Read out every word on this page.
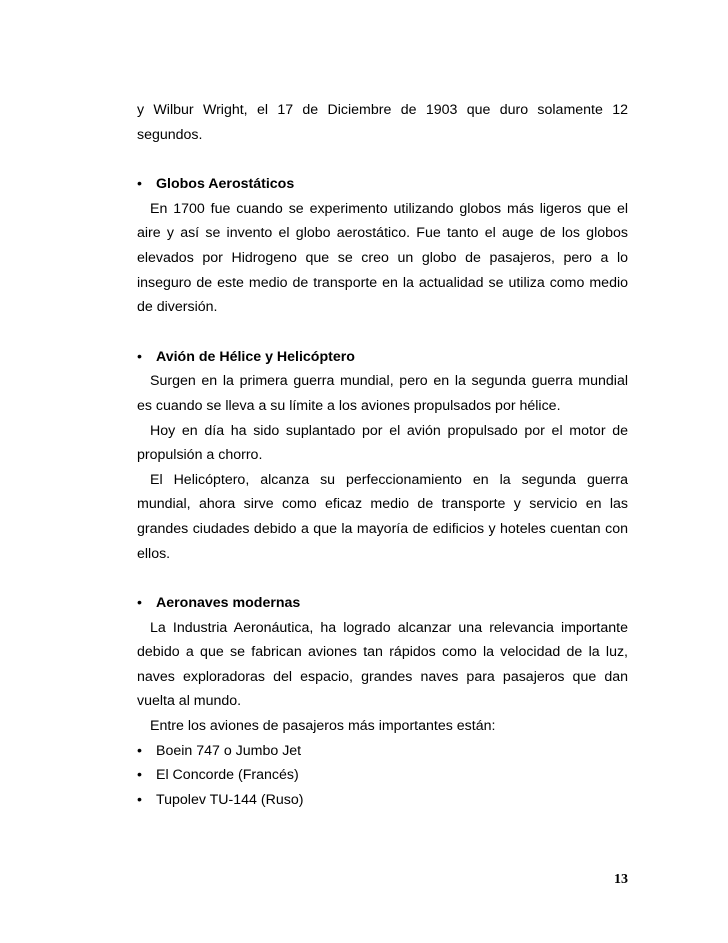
y Wilbur Wright, el 17 de Diciembre de 1903 que duro solamente 12
segundos.
• Globos Aerostáticos
En 1700 fue cuando se experimento utilizando globos más ligeros que el
aire y así se invento el globo aerostático. Fue tanto el auge de los globos
elevados por Hidrogeno que se creo un globo de pasajeros, pero a lo
inseguro de este medio de transporte en la actualidad se utiliza como medio
de diversión.
• Avión de Hélice y Helicóptero
Surgen en la primera guerra mundial, pero en la segunda guerra mundial
es cuando se lleva a su límite a los aviones propulsados por hélice.
Hoy en día ha sido suplantado por el avión propulsado por el motor de
propulsión a chorro.
El Helicóptero, alcanza su perfeccionamiento en la segunda guerra
mundial, ahora sirve como eficaz medio de transporte y servicio en las
grandes ciudades debido a que la mayoría de edificios y hoteles cuentan con
ellos.
• Aeronaves modernas
La Industria Aeronáutica, ha logrado alcanzar una relevancia importante
debido a que se fabrican aviones tan rápidos como la velocidad de la luz,
naves exploradoras del espacio, grandes naves para pasajeros que dan
vuelta al mundo.
Entre los aviones de pasajeros más importantes están:
• Boein 747 o Jumbo Jet
• El Concorde (Francés)
• Tupolev TU-144 (Ruso)
13
